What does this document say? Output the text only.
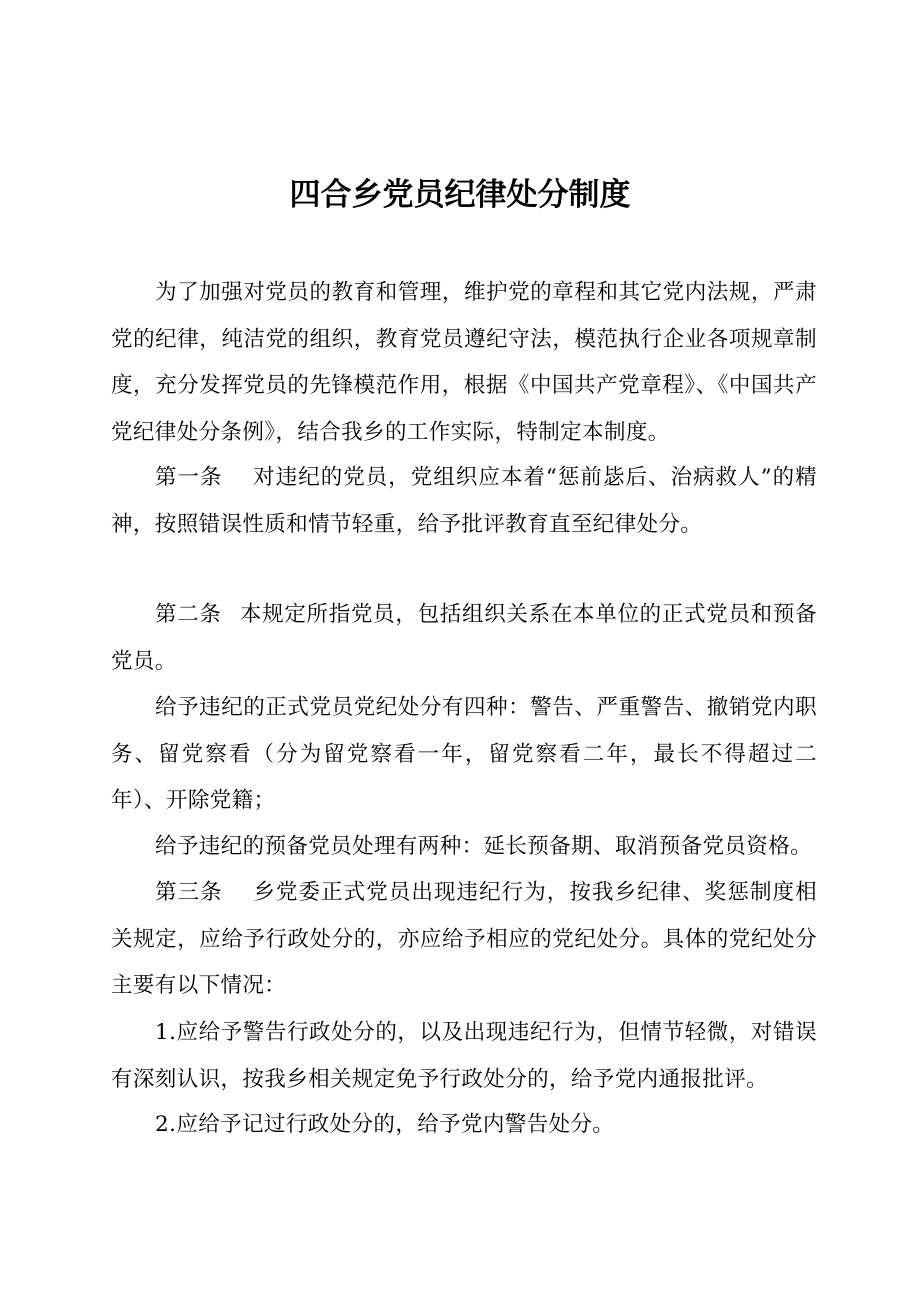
四合乡党员纪律处分制度

为了加强对党员的教育和管理，维护党的章程和其它党内法规，严肃党的纪律，纯洁党的组织，教育党员遵纪守法，模范执行企业各项规章制度，充分发挥党员的先锋模范作用，根据《中国共产党章程》、《中国共产党纪律处分条例》，结合我乡的工作实际，特制定本制度。

第一条 对违纪的党员，党组织应本着“惩前毖后、治病救人”的精神，按照错误性质和情节轻重，给予批评教育直至纪律处分。

第二条 本规定所指党员，包括组织关系在本单位的正式党员和预备党员。

给予违纪的正式党员党纪处分有四种：警告、严重警告、撤销党内职务、留党察看（分为留党察看一年，留党察看二年，最长不得超过二年）、开除党籍；

给予违纪的预备党员处理有两种：延长预备期、取消预备党员资格。

第三条 乡党委正式党员出现违纪行为，按我乡纪律、奖惩制度相关规定，应给予行政处分的，亦应给予相应的党纪处分。具体的党纪处分主要有以下情况：

1.应给予警告行政处分的，以及出现违纪行为，但情节轻微，对错误有深刻认识，按我乡相关规定免予行政处分的，给予党内通报批评。

2.应给予记过行政处分的，给予党内警告处分。
